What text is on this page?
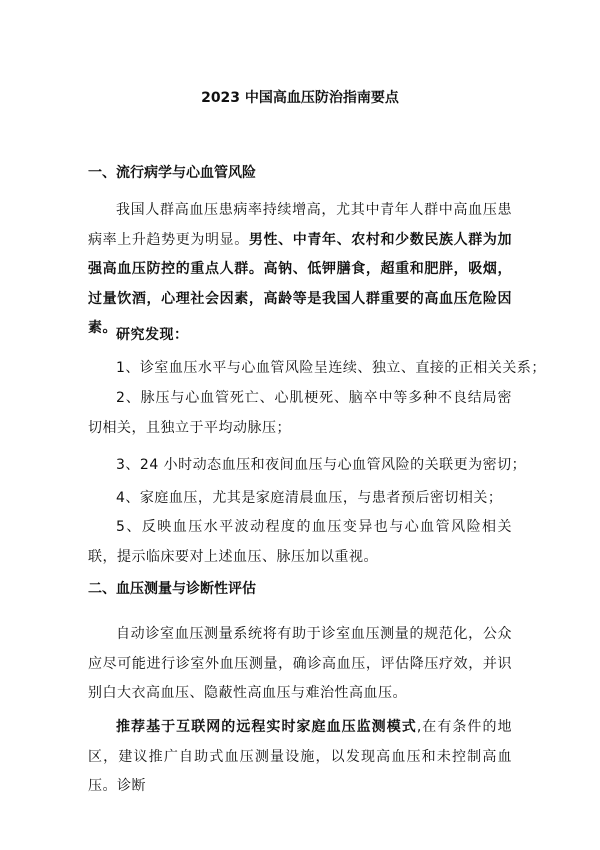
2023 中国高血压防治指南要点
一、流行病学与心血管风险

我国人群高血压患病率持续增高，尤其中青年人群中高血压患病率上升趋势更为明显。男性、中青年、农村和少数民族人群为加强高血压防控的重点人群。高钠、低钾膳食，超重和肥胖，吸烟，过量饮酒，心理社会因素，高龄等是我国人群重要的高血压危险因素。 研究发现：
1、诊室血压水平与心血管风险呈连续、独立、直接的正相关关系；

2、脉压与心血管死亡、心肌梗死、脑卒中等多种不良结局密切相关，且独立于平均动脉压；

3、24 小时动态血压和夜间血压与心血管风险的关联更为密切；
4、家庭血压，尤其是家庭清晨血压，与患者预后密切相关；

5、反映血压水平波动程度的血压变异也与心血管风险相关联，提示临床要对上述血压、脉压加以重视。

二、血压测量与诊断性评估

自动诊室血压测量系统将有助于诊室血压测量的规范化，公众应尽可能进行诊室外血压测量，确诊高血压，评估降压疗效，并识别白大衣高血压、隐蔽性高血压与难治性高血压。

推荐基于互联网的远程实时家庭血压监测模式,在有条件的地区，建议推广自助式血压测量设施，以发现高血压和未控制高血压。诊断
